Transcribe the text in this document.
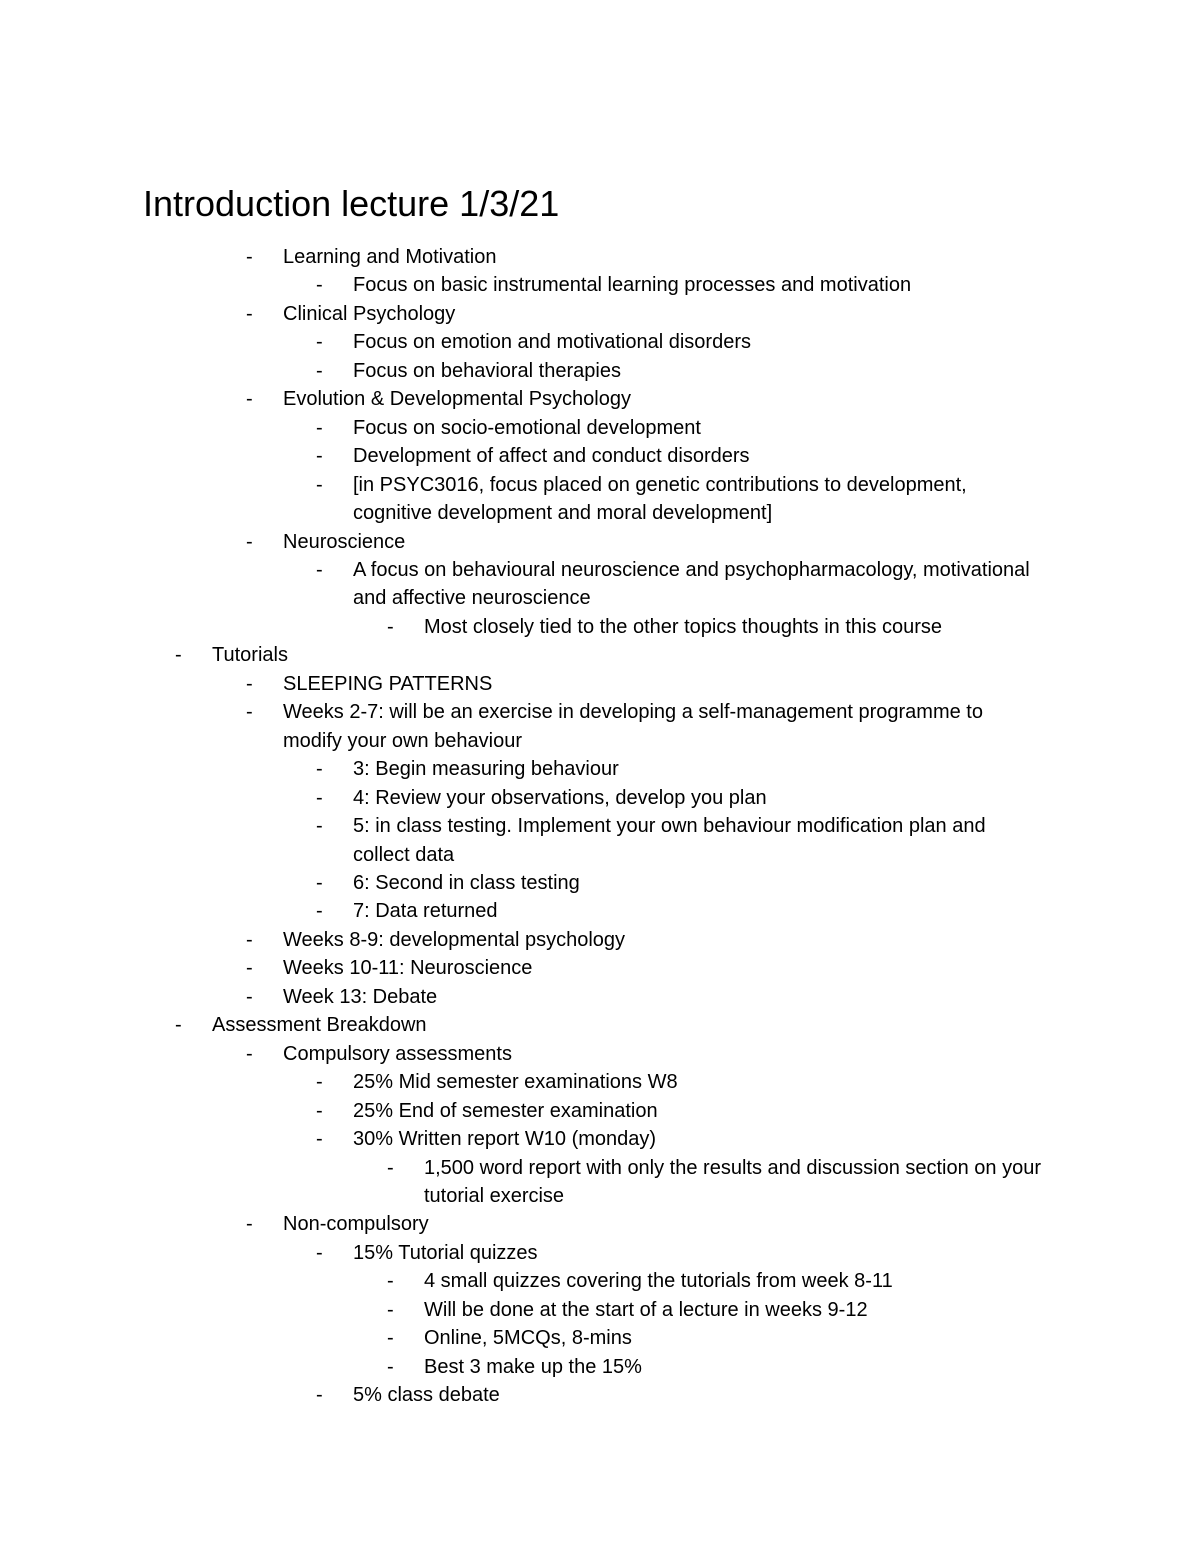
Introduction lecture 1/3/21
- Learning and Motivation
- Focus on basic instrumental learning processes and motivation
- Clinical Psychology
- Focus on emotion and motivational disorders
- Focus on behavioral therapies
- Evolution & Developmental Psychology
- Focus on socio-emotional development
- Development of affect and conduct disorders
- [in PSYC3016, focus placed on genetic contributions to development, cognitive development and moral development]
- Neuroscience
- A focus on behavioural neuroscience and psychopharmacology, motivational and affective neuroscience
- Most closely tied to the other topics thoughts in this course
- Tutorials
- SLEEPING PATTERNS
- Weeks 2-7: will be an exercise in developing a self-management programme to modify your own behaviour
- 3: Begin measuring behaviour
- 4: Review your observations, develop you plan
- 5: in class testing. Implement your own behaviour modification plan and collect data
- 6: Second in class testing
- 7: Data returned
- Weeks 8-9: developmental psychology
- Weeks 10-11: Neuroscience
- Week 13: Debate
- Assessment Breakdown
- Compulsory assessments
- 25% Mid semester examinations W8
- 25% End of semester examination
- 30% Written report W10 (monday)
- 1,500 word report with only the results and discussion section on your tutorial exercise
- Non-compulsory
- 15% Tutorial quizzes
- 4 small quizzes covering the tutorials from week 8-11
- Will be done at the start of a lecture in weeks 9-12
- Online, 5MCQs, 8-mins
- Best 3 make up the 15%
- 5% class debate
